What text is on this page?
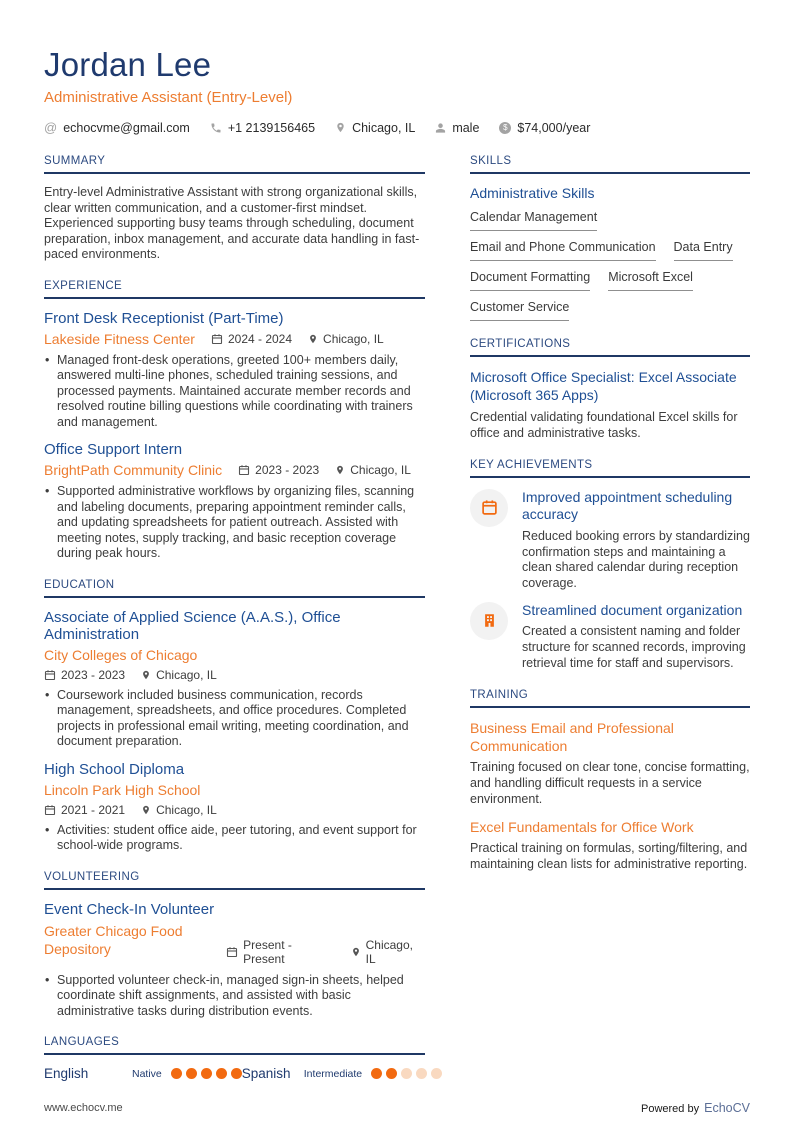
Jordan Lee
Administrative Assistant (Entry-Level)
@ echocvme@gmail.com	+1 2139156465	Chicago, IL	male	$ $74,000/year
SUMMARY
Entry-level Administrative Assistant with strong organizational skills, clear written communication, and a customer-first mindset. Experienced supporting busy teams through scheduling, document preparation, inbox management, and accurate data handling in fast-paced environments.
EXPERIENCE
Front Desk Receptionist (Part-Time)
Lakeside Fitness Center	2024 - 2024	Chicago, IL
• Managed front-desk operations, greeted 100+ members daily, answered multi-line phones, scheduled training sessions, and processed payments. Maintained accurate member records and resolved routine billing questions while coordinating with trainers and management.
Office Support Intern
BrightPath Community Clinic	2023 - 2023	Chicago, IL
• Supported administrative workflows by organizing files, scanning and labeling documents, preparing appointment reminder calls, and updating spreadsheets for patient outreach. Assisted with meeting notes, supply tracking, and basic reception coverage during peak hours.
EDUCATION
Associate of Applied Science (A.A.S.), Office Administration
City Colleges of Chicago
2023 - 2023	Chicago, IL
• Coursework included business communication, records management, spreadsheets, and office procedures. Completed projects in professional email writing, meeting coordination, and document preparation.
High School Diploma
Lincoln Park High School
2021 - 2021	Chicago, IL
• Activities: student office aide, peer tutoring, and event support for school-wide programs.
VOLUNTEERING
Event Check-In Volunteer
Greater Chicago Food Depository	Present - Present
Chicago, IL
• Supported volunteer check-in, managed sign-in sheets, helped coordinate shift assignments, and assisted with basic administrative tasks during distribution events.
LANGUAGES
English	Native	Spanish	Intermediate
SKILLS
Administrative Skills
Calendar Management
Email and Phone Communication Data Entry
Document Formatting Microsoft Excel
Customer Service
CERTIFICATIONS
Microsoft Office Specialist: Excel Associate (Microsoft 365 Apps)
Credential validating foundational Excel skills for office and administrative tasks.
KEY ACHIEVEMENTS
Improved appointment scheduling accuracy
Reduced booking errors by standardizing confirmation steps and maintaining a clean shared calendar during reception coverage.
Streamlined document organization
Created a consistent naming and folder structure for scanned records, improving retrieval time for staff and supervisors.
TRAINING
Business Email and Professional Communication
Training focused on clear tone, concise formatting, and handling difficult requests in a service environment.
Excel Fundamentals for Office Work
Practical training on formulas, sorting/filtering, and maintaining clean lists for administrative reporting.
www.echocv.me	Powered by EchoCV
